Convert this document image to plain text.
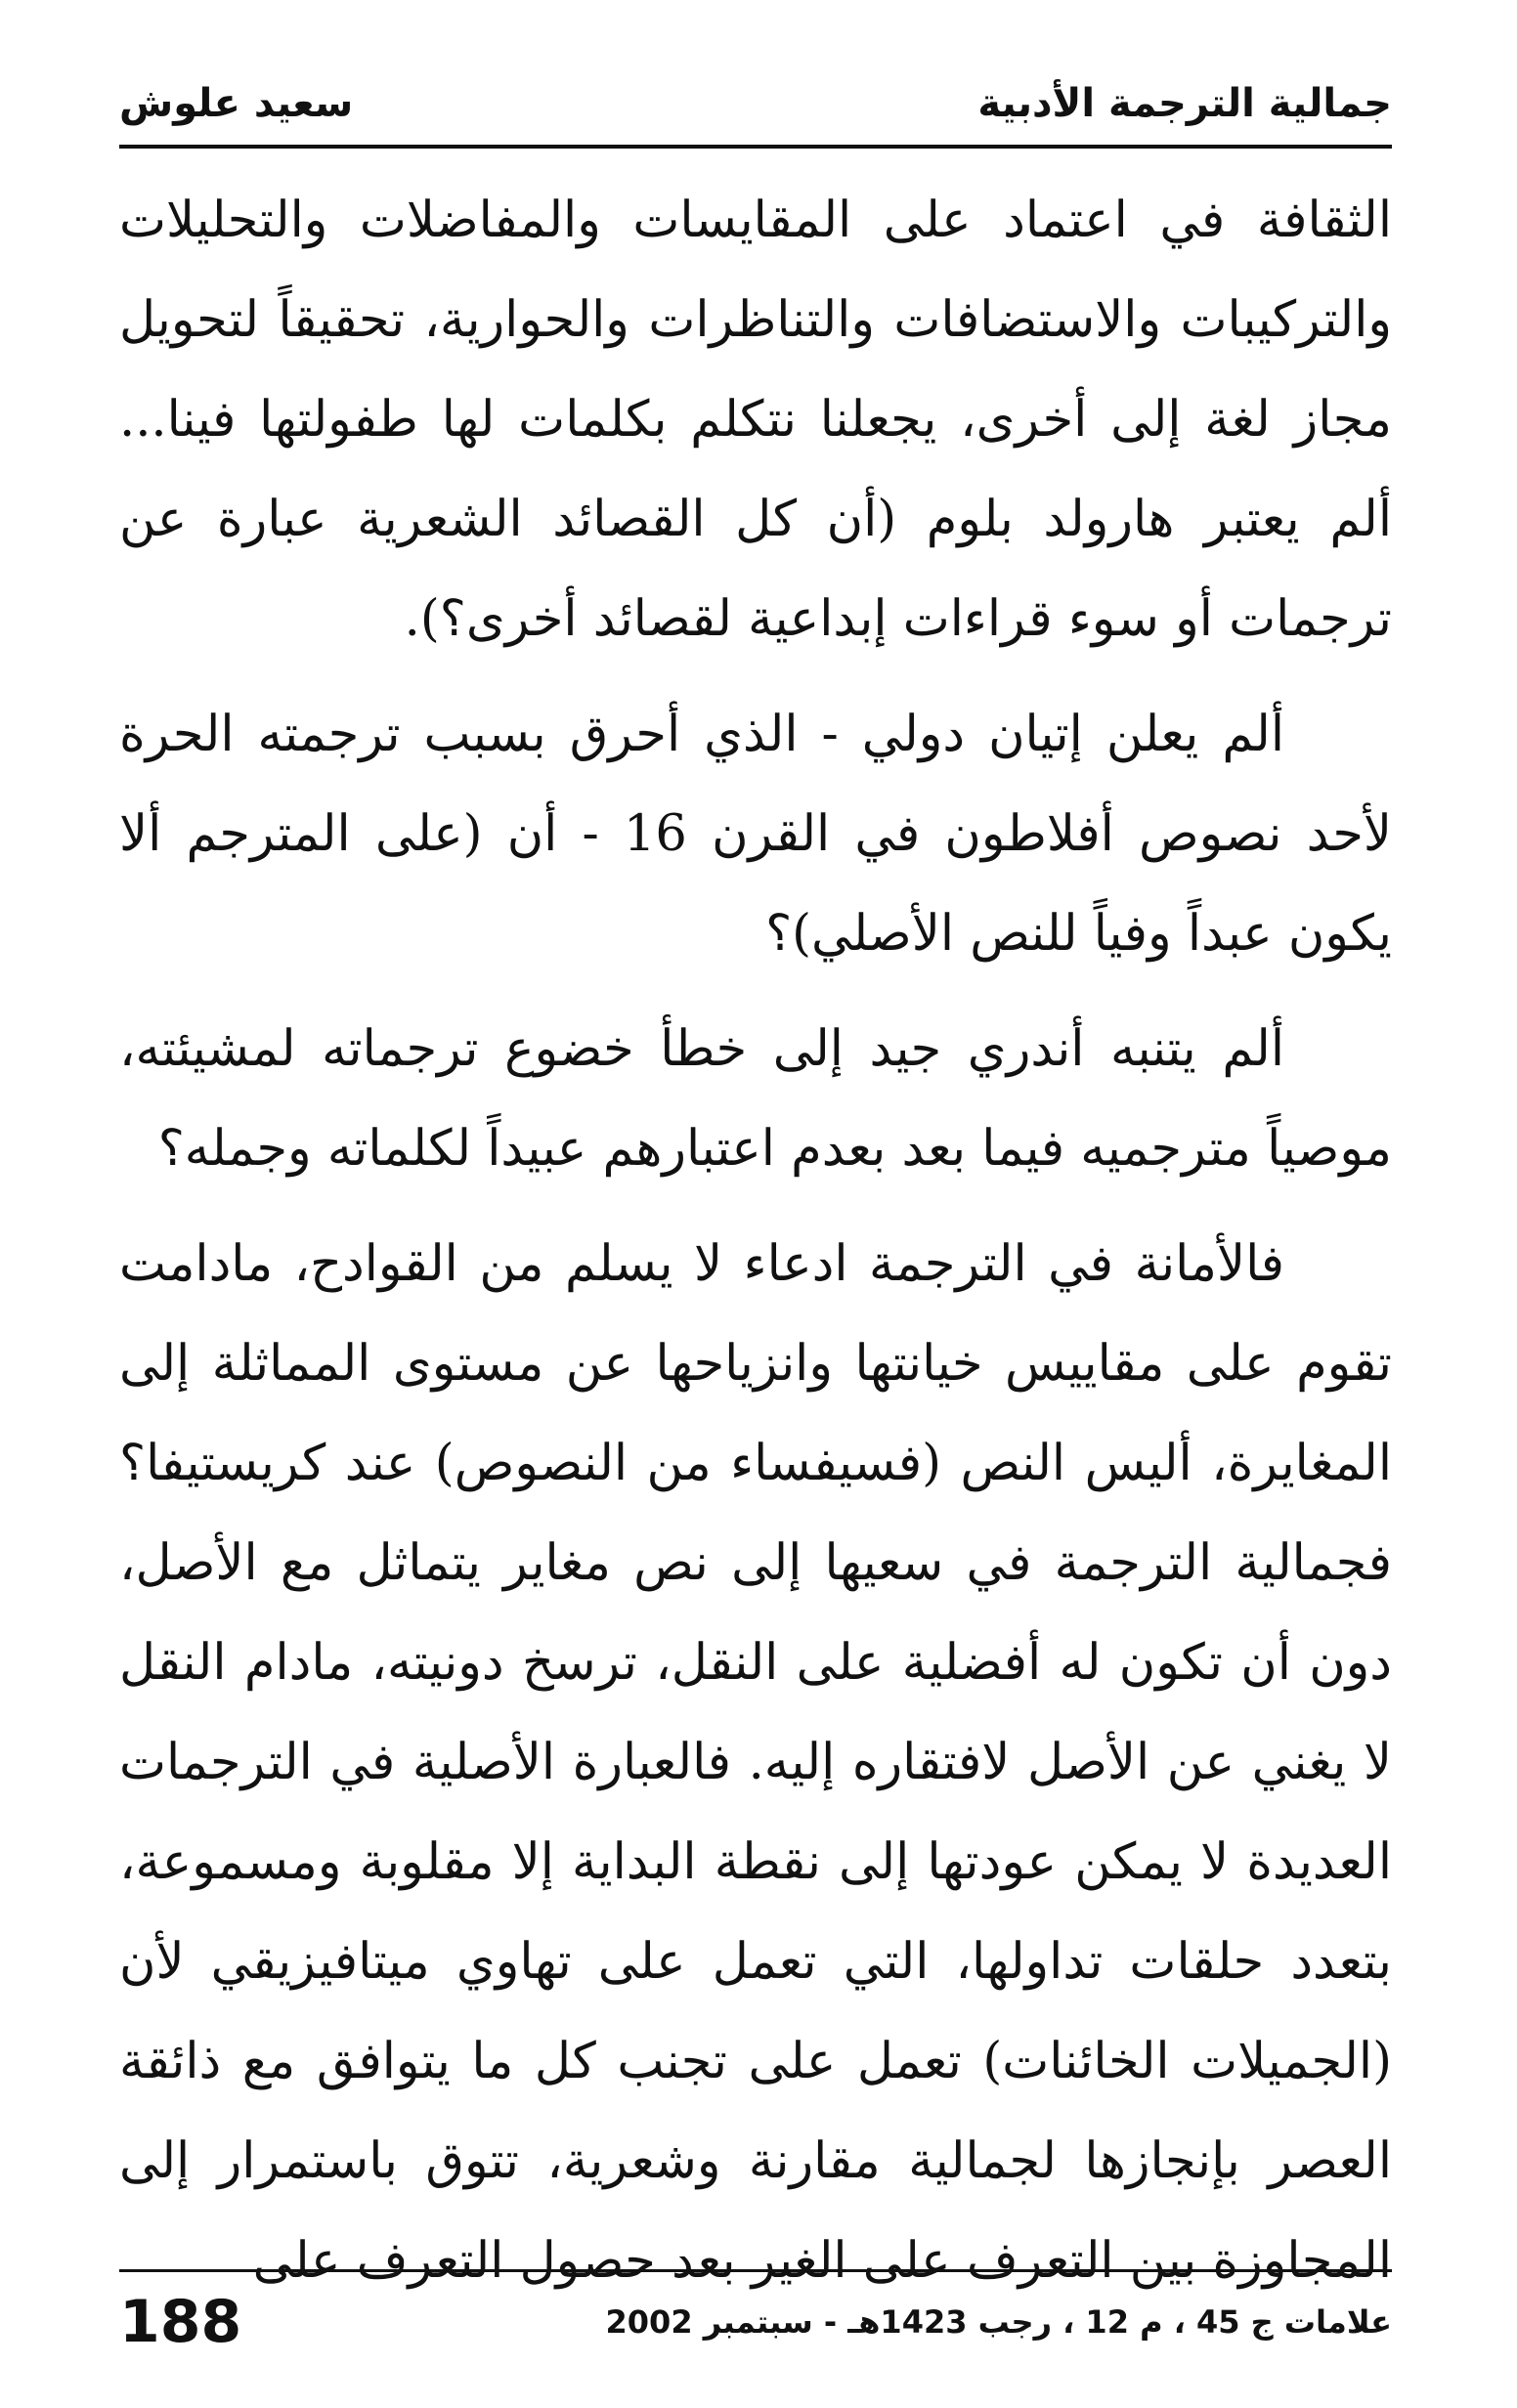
جمالية الترجمة الأدبية
سعيد علوش

الثقافة في اعتماد على المقايسات والمفاضلات والتحليلات والتركيبات والاستضافات والتناظرات والحوارية، تحقيقاً لتحويل مجاز لغة إلى أخرى، يجعلنا نتكلم بكلمات لها طفولتها فينا... ألم يعتبر هارولد بلوم (أن كل القصائد الشعرية عبارة عن ترجمات أو سوء قراءات إبداعية لقصائد أخرى؟).

ألم يعلن إتيان دولي - الذي أحرق بسبب ترجمته الحرة لأحد نصوص أفلاطون في القرن 16 - أن (على المترجم ألا يكون عبداً وفياً للنص الأصلي)؟

ألم يتنبه أندري جيد إلى خطأ خضوع ترجماته لمشيئته، موصياً مترجميه فيما بعد بعدم اعتبارهم عبيداً لكلماته وجمله؟

فالأمانة في الترجمة ادعاء لا يسلم من القوادح، مادامت تقوم على مقاييس خيانتها وانزياحها عن مستوى المماثلة إلى المغايرة، أليس النص (فسيفساء من النصوص) عند كريستيفا؟ فجمالية الترجمة في سعيها إلى نص مغاير يتماثل مع الأصل، دون أن تكون له أفضلية على النقل، ترسخ دونيته، مادام النقل لا يغني عن الأصل لافتقاره إليه. فالعبارة الأصلية في الترجمات العديدة لا يمكن عودتها إلى نقطة البداية إلا مقلوبة ومسموعة، بتعدد حلقات تداولها، التي تعمل على تهاوي ميتافيزيقي لأن (الجميلات الخائنات) تعمل على تجنب كل ما يتوافق مع ذائقة العصر بإنجازها لجمالية مقارنة وشعرية، تتوق باستمرار إلى المجاوزة بين التعرف على الغير بعد حصول التعرف على

علامات ج 45 ، م 12 ، رجب 1423هـ - سبتمبر 2002
188
